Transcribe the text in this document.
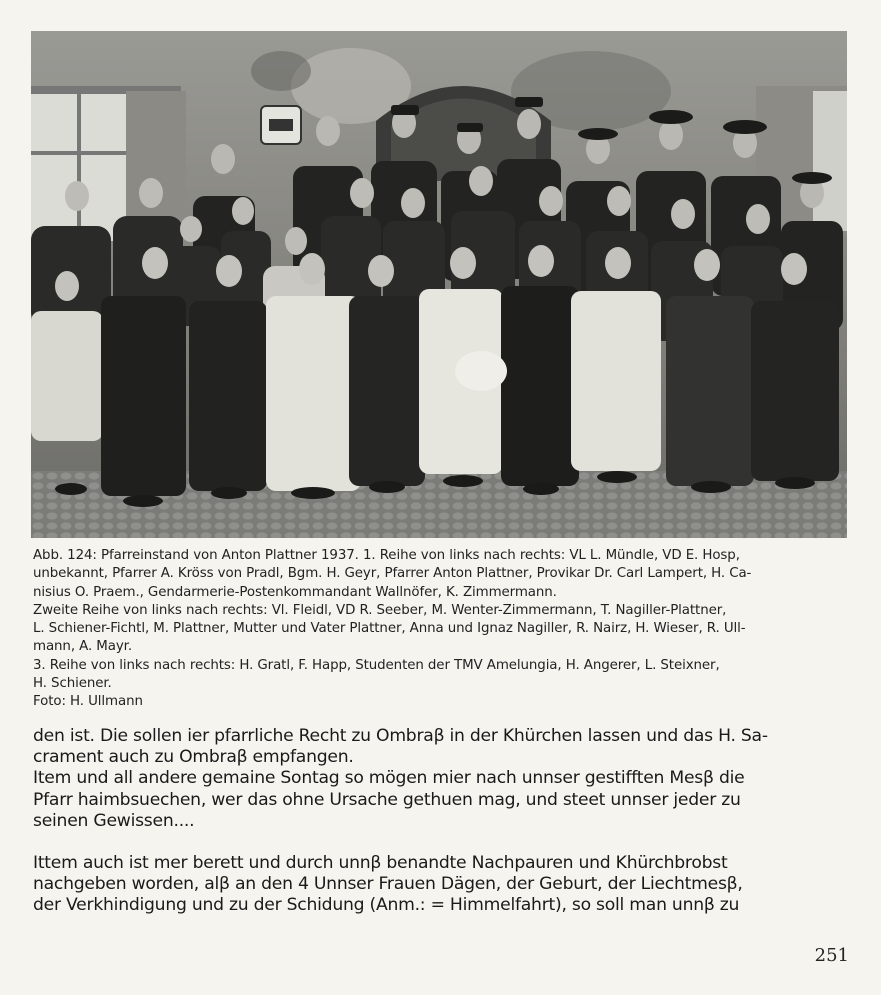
Abb. 124: Pfarreinstand von Anton Plattner 1937. 1. Reihe von links nach rechts: VL L. Mündle, VD E. Hosp,

unbekannt, Pfarrer A. Kröss von Pradl, Bgm. H. Geyr, Pfarrer Anton Plattner, Provikar Dr. Carl Lampert, H. Ca-

nisius O. Praem., Gendarmerie-Postenkommandant Wallnöfer, K. Zimmermann.

Zweite Reihe von links nach rechts: Vl. Fleidl, VD R. Seeber, M. Wenter-Zimmermann, T. Nagiller-Plattner,

L. Schiener-Fichtl, M. Plattner, Mutter und Vater Plattner, Anna und Ignaz Nagiller, R. Nairz, H. Wieser, R. Ull-

mann, A. Mayr.

3. Reihe von links nach rechts: H. Gratl, F. Happ, Studenten der TMV Amelungia, H. Angerer, L. Steixner,

H. Schiener.

Foto: H. Ullmann

den ist. Die sollen ier pfarrliche Recht zu Ombraβ in der Khürchen lassen und das H. Sa-

crament auch zu Ombraβ empfangen.

Item und all andere gemaine Sontag so mögen mier nach unnser gestifften Mesβ die

Pfarr haimbsuechen, wer das ohne Ursache gethuen mag, und steet unnser jeder zu

seinen Gewissen....

Ittem auch ist mer berett und durch unnβ benandte Nachpauren und Khürchbrobst

nachgeben worden, alβ an den 4 Unnser Frauen Dägen, der Geburt, der Liechtmesβ,

der Verkhindigung und zu der Schidung (Anm.: = Himmelfahrt), so soll man unnβ zu

251
